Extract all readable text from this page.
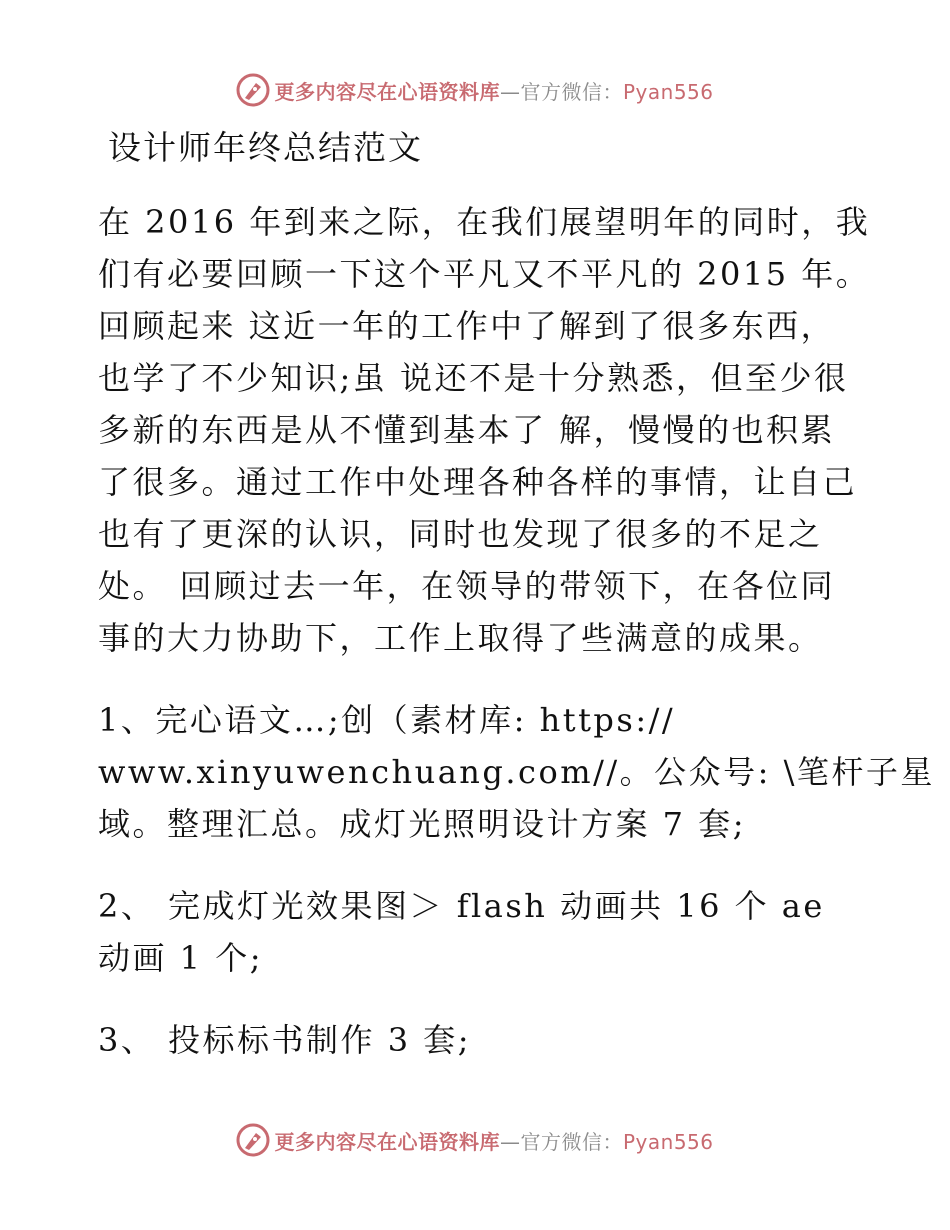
更多内容尽在心语资料库—官方微信：Pyan556
设计师年终总结范文
在 2016 年到来之际，在我们展望明年的同时，我
们有必要回顾一下这个平凡又不平凡的 2015 年。
回顾起来 这近一年的工作中了解到了很多东西，
也学了不少知识;虽 说还不是十分熟悉，但至少很
多新的东西是从不懂到基本了 解，慢慢的也积累
了很多。通过工作中处理各种各样的事情，让自己
也有了更深的认识，同时也发现了很多的不足之
处。 回顾过去一年，在领导的带领下，在各位同
事的大力协助下，工作上取得了些满意的成果。
1、完心语文…;创（素材库: https://
www.xinyuwenchuang.com//。公众号: \笔杆子星
域。整理汇总。成灯光照明设计方案 7 套;
2、 完成灯光效果图＞ flash 动画共 16 个 ae
动画 1 个;
3、 投标标书制作 3 套;
更多内容尽在心语资料库—官方微信：Pyan556
